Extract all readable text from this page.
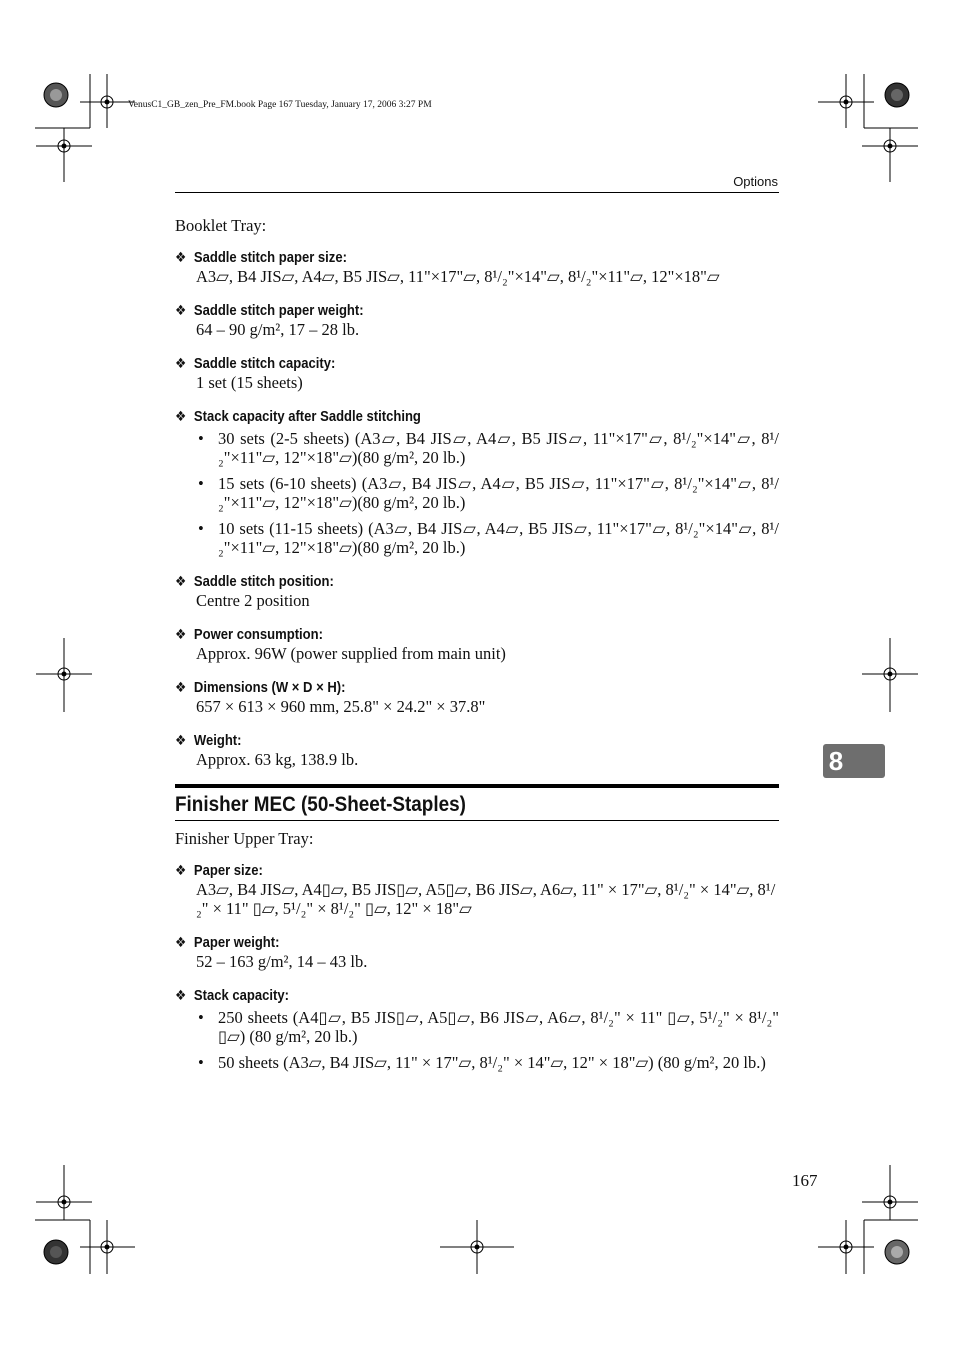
VenusC1_GB_zen_Pre_FM.book Page 167 Tuesday, January 17, 2006 3:27 PM
Options
8
Booklet Tray:
❖ Saddle stitch paper size:
A3▱, B4 JIS▱, A4▱, B5 JIS▱, 11"×17"▱, 8¹/₂"×14"▱, 8¹/₂"×11"▱, 12"×18"▱
❖ Saddle stitch paper weight:
64 – 90 g/m², 17 – 28 lb.
❖ Saddle stitch capacity:
1 set (15 sheets)
❖ Stack capacity after Saddle stitching
• 30 sets (2-5 sheets) (A3▱, B4 JIS▱, A4▱, B5 JIS▱, 11"×17"▱, 8¹/₂"×14"▱, 8¹/₂"×11"▱, 12"×18"▱)(80 g/m², 20 lb.)
• 15 sets (6-10 sheets) (A3▱, B4 JIS▱, A4▱, B5 JIS▱, 11"×17"▱, 8¹/₂"×14"▱, 8¹/₂"×11"▱, 12"×18"▱)(80 g/m², 20 lb.)
• 10 sets (11-15 sheets) (A3▱, B4 JIS▱, A4▱, B5 JIS▱, 11"×17"▱, 8¹/₂"×14"▱, 8¹/₂"×11"▱, 12"×18"▱)(80 g/m², 20 lb.)
❖ Saddle stitch position:
Centre 2 position
❖ Power consumption:
Approx. 96W (power supplied from main unit)
❖ Dimensions (W × D × H):
657 × 613 × 960 mm, 25.8" × 24.2" × 37.8"
❖ Weight:
Approx. 63 kg, 138.9 lb.
Finisher MEC (50-Sheet-Staples)
Finisher Upper Tray:
❖ Paper size:
A3▱, B4 JIS▱, A4▯▱, B5 JIS▯▱, A5▯▱, B6 JIS▱, A6▱, 11" × 17"▱, 8¹/₂" × 14"▱, 8¹/₂" × 11" ▯▱, 5¹/₂" × 8¹/₂" ▯▱, 12" × 18"▱
❖ Paper weight:
52 – 163 g/m², 14 – 43 lb.
❖ Stack capacity:
• 250 sheets (A4▯▱, B5 JIS▯▱, A5▯▱, B6 JIS▱, A6▱, 8¹/₂" × 11" ▯▱, 5¹/₂" × 8¹/₂" ▯▱) (80 g/m², 20 lb.)
• 50 sheets (A3▱, B4 JIS▱, 11" × 17"▱, 8¹/₂" × 14"▱, 12" × 18"▱) (80 g/m², 20 lb.)
167
